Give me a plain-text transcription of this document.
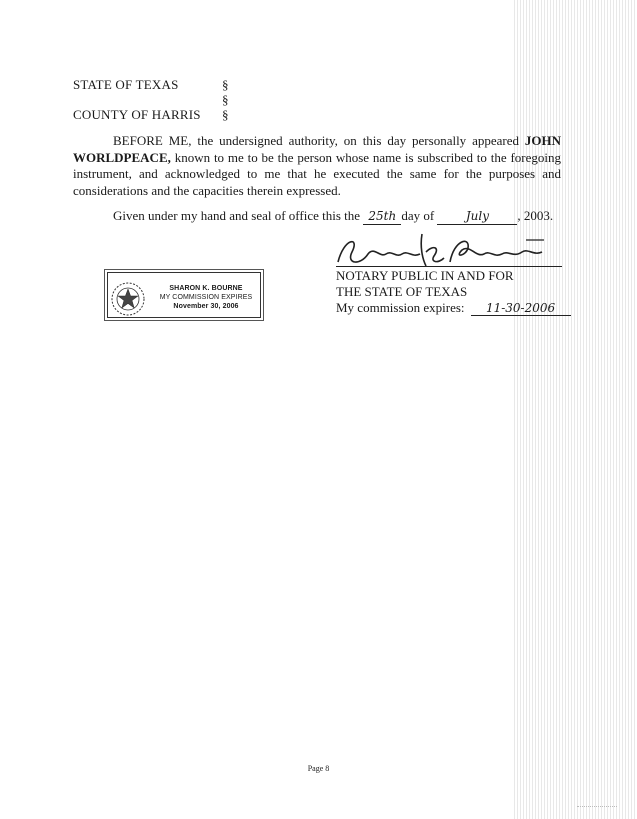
STATE OF TEXAS
COUNTY OF HARRIS
§
§
§
BEFORE ME, the undersigned authority, on this day personally appeared JOHN WORLDPEACE, known to me to be the person whose name is subscribed to the foregoing instrument, and acknowledged to me that he executed the same for the purposes and considerations and the capacities therein expressed.
Given under my hand and seal of office this the 25th day of	July , 2003.
NOTARY PUBLIC IN AND FOR
THE STATE OF TEXAS
My commission expires: 11-30-2006
SHARON K. BOURNE
MY COMMISSION EXPIRES
November 30, 2006
Page 8
